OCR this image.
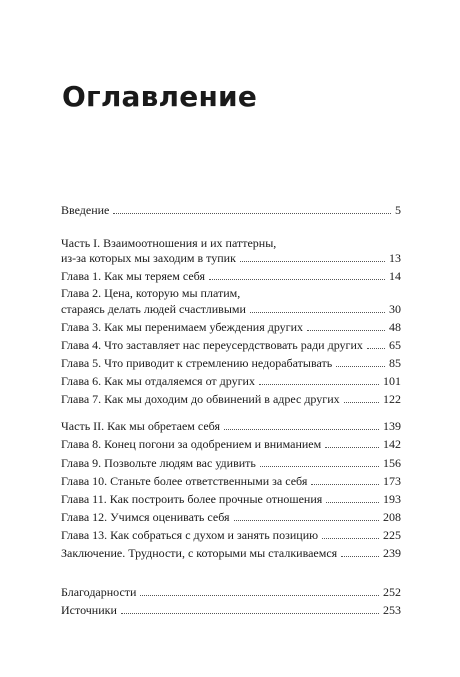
Оглавление
Введение	5
Часть I. Взаимоотношения и их паттерны,
из-за которых мы заходим в тупик	13
Глава 1. Как мы теряем себя	14
Глава 2. Цена, которую мы платим,
стараясь делать людей счастливыми	30
Глава 3. Как мы перенимаем убеждения других	48
Глава 4. Что заставляет нас переусердствовать ради других 65
Глава 5. Что приводит к стремлению недорабатывать	85
Глава 6. Как мы отдаляемся от других	101
Глава 7. Как мы доходим до обвинений в адрес других	122
Часть II. Как мы обретаем себя	139
Глава 8. Конец погони за одобрением и вниманием	142
Глава 9. Позвольте людям вас удивить	156
Глава 10. Станьте более ответственными за себя	173
Глава 11. Как построить более прочные отношения	193
Глава 12. Учимся оценивать себя	208
Глава 13. Как собраться с духом и занять позицию	225
Заключение. Трудности, с которыми мы сталкиваемся	239
Благодарности	252
Источники	253
